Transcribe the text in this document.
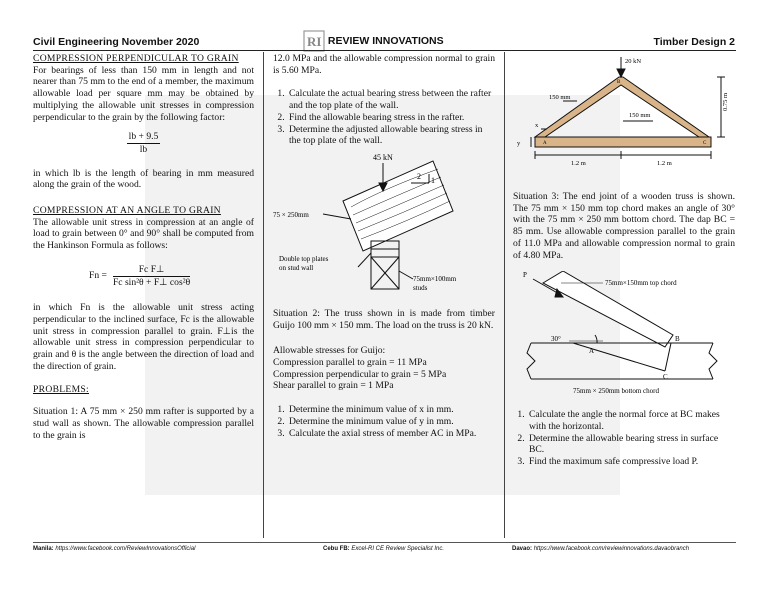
Civil Engineering November 2020	RI REVIEW INNOVATIONS	Timber Design 2

COMPRESSION PERPENDICULAR TO GRAIN

For bearings of less than 150 mm in length and not nearer than 75 mm to the end of a member, the maximum allowable load per square mm may be obtained by multiplying the allowable unit stresses in compression perpendicular to the grain by the following factor:

$\frac{lb + 9.5}{lb}$

in which lb is the length of bearing in mm measured along the grain of the wood.

COMPRESSION AT AN ANGLE TO GRAIN

The allowable unit stress in compression at an angle of load to grain between 0° and 90° shall be computed from the Hankinson Formula as follows:

$Fn = \frac{\text{Fc F⊥}}{\text{Fc sin²θ + F⊥ cos²θ}}$

in which Fn is the allowable unit stress acting perpendicular to the inclined surface, Fc is the allowable unit stress in compression parallel to grain. F⊥is the allowable unit stress in compression perpendicular to grain and θ is the angle between the direction of load and the direction of grain.

PROBLEMS:

Situation 1: A 75 mm × 250 mm rafter is supported by a stud wall as shown. The allowable compression parallel to the grain is

12.0 MPa and the allowable compression normal to grain is 5.60 MPa.

1. Calculate the actual bearing stress between the rafter and the top plate of the wall.
2. Find the allowable bearing stress in the rafter.
3. Determine the adjusted allowable bearing stress in the top plate of the wall.
45 kN
2 1
75 × 250mm
Double top plates
on stud wall
75mm×100mm
studs

Situation 2: The truss shown in is made from timber Guijo 100 mm × 150 mm. The load on the truss is 20 kN.

Allowable stresses for Guijo:

Compression parallel to grain = 11 MPa

Compression perpendicular to grain = 5 MPa

Shear parallel to grain = 1 MPa

1. Determine the minimum value of x in mm.
2. Determine the minimum value of y in mm.
3. Calculate the axial stress of member AC in MPa.
20 kN
150 mm
150 mm
0.75 m
x
y	A
B
C
1.2 m	1.2 m

Situation 3: The end joint of a wooden truss is shown. The 75 mm × 150 mm top chord makes an angle of 30° with the 75 mm × 250 mm bottom chord. The dap BC = 85 mm. Use allowable compression parallel to the grain of 11.0 MPa and allowable compression normal to grain of 4.80 MPa.

P
75mm×150mm top chord
30°
A
B
C
75mm × 250mm bottom chord
1. Calculate the angle the normal force at BC makes with the horizontal.
2. Determine the allowable bearing stress in surface BC.
3. Find the maximum safe compressive load P.
Manila: https://www.facebook.com/ReviewInnovationsOfficial	Cebu FB: Excel-RI CE Review Specialist Inc.	Davao: https://www.facebook.com/reviewinnovations.davaobranch
